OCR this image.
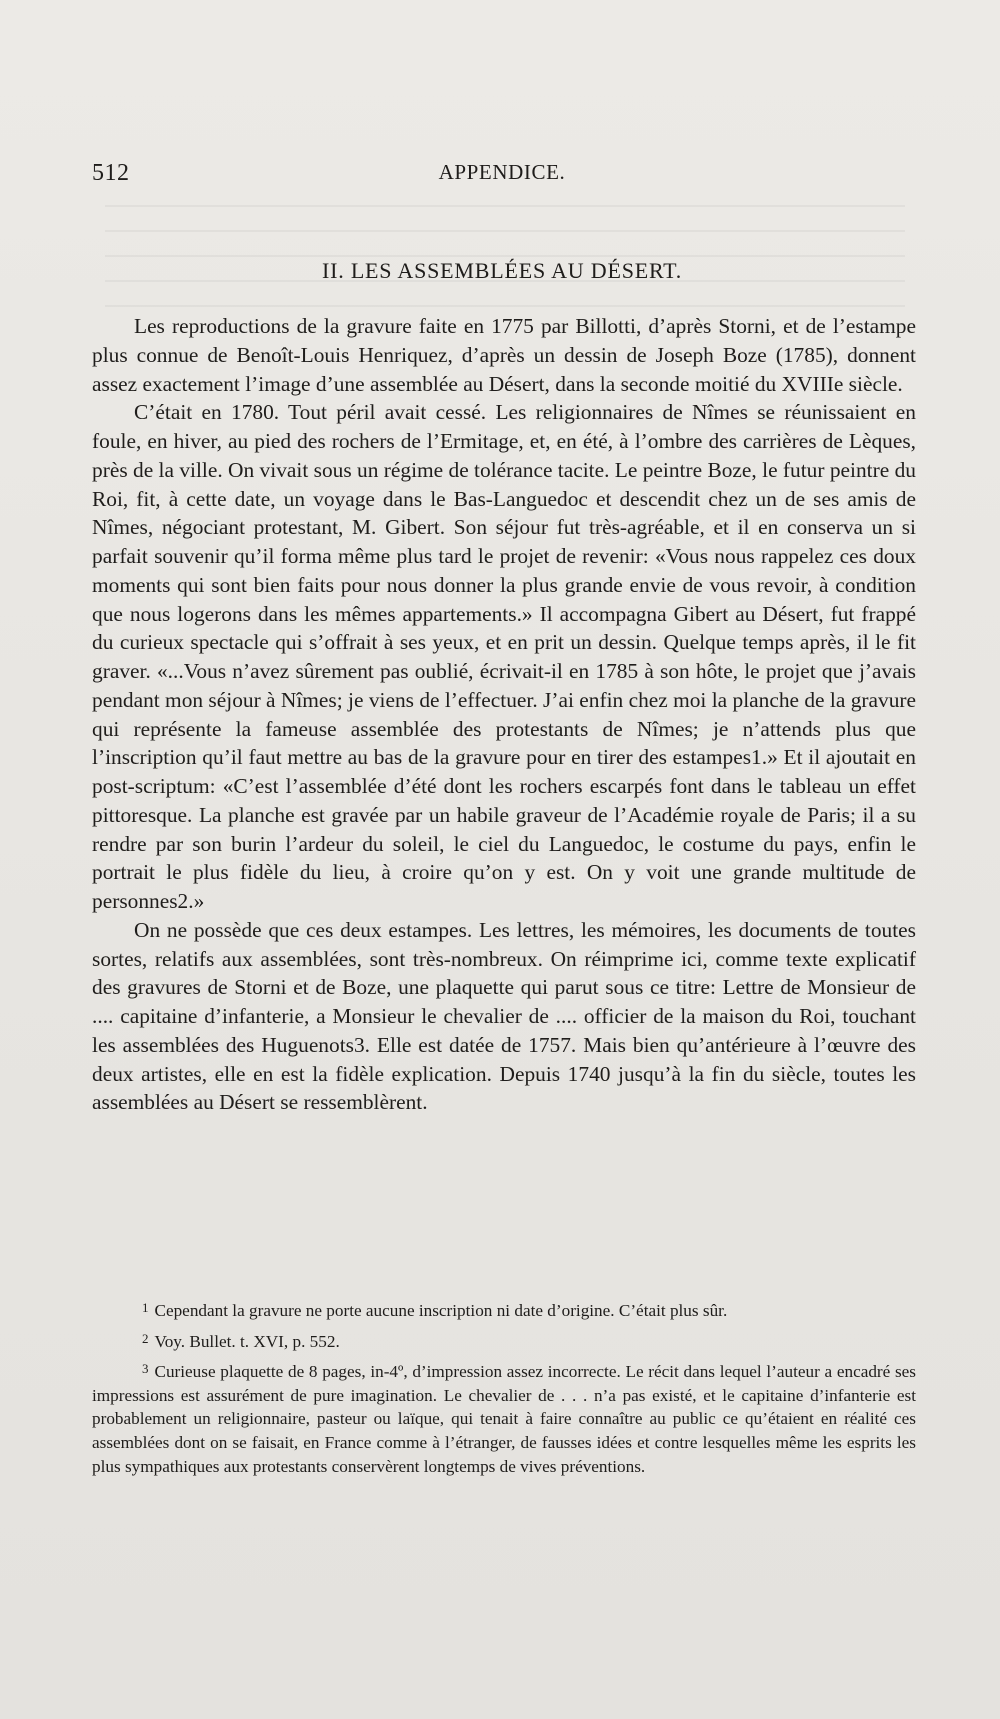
512	APPENDICE.
II. LES ASSEMBLÉES AU DÉSERT.

Les reproductions de la gravure faite en 1775 par Billotti, d’après Storni, et de l’estampe plus connue de Benoît-Louis Henriquez, d’après un dessin de Joseph Boze (1785), donnent assez exactement l’image d’une assemblée au Désert, dans la seconde moitié du XVIIIe siècle.

C’était en 1780. Tout péril avait cessé. Les religionnaires de Nîmes se réunissaient en foule, en hiver, au pied des rochers de l’Ermitage, et, en été, à l’ombre des carrières de Lèques, près de la ville. On vivait sous un régime de tolérance tacite. Le peintre Boze, le futur peintre du Roi, fit, à cette date, un voyage dans le Bas-Languedoc et descendit chez un de ses amis de Nîmes, négociant protestant, M. Gibert. Son séjour fut très-agréable, et il en conserva un si parfait souvenir qu’il forma même plus tard le projet de revenir: «Vous nous rappelez ces doux moments qui sont bien faits pour nous donner la plus grande envie de vous revoir, à condition que nous logerons dans les mêmes appartements.» Il accompagna Gibert au Désert, fut frappé du curieux spectacle qui s’offrait à ses yeux, et en prit un dessin. Quelque temps après, il le fit graver. «...Vous n’avez sûrement pas oublié, écrivait-il en 1785 à son hôte, le projet que j’avais pendant mon séjour à Nîmes; je viens de l’effectuer. J’ai enfin chez moi la planche de la gravure qui représente la fameuse assemblée des protestants de Nîmes; je n’attends plus que l’inscription qu’il faut mettre au bas de la gravure pour en tirer des estampes1.» Et il ajoutait en post-scriptum: «C’est l’assemblée d’été dont les rochers escarpés font dans le tableau un effet pittoresque. La planche est gravée par un habile graveur de l’Académie royale de Paris; il a su rendre par son burin l’ardeur du soleil, le ciel du Languedoc, le costume du pays, enfin le portrait le plus fidèle du lieu, à croire qu’on y est. On y voit une grande multitude de personnes2.»

On ne possède que ces deux estampes. Les lettres, les mémoires, les documents de toutes sortes, relatifs aux assemblées, sont très-nombreux. On réimprime ici, comme texte explicatif des gravures de Storni et de Boze, une plaquette qui parut sous ce titre: Lettre de Monsieur de .... capitaine d’infanterie, a Monsieur le chevalier de .... officier de la maison du Roi, touchant les assemblées des Huguenots3. Elle est datée de 1757. Mais bien qu’antérieure à l’œuvre des deux artistes, elle en est la fidèle explication. Depuis 1740 jusqu’à la fin du siècle, toutes les assemblées au Désert se ressemblèrent.

$^1$ Cependant la gravure ne porte aucune inscription ni date d’origine. C’était plus sûr.

$^2$ Voy. Bullet. t. XVI, p. 552.

$^3$ Curieuse plaquette de 8 pages, in-4º, d’impression assez incorrecte. Le récit dans lequel l’auteur a encadré ses impressions est assurément de pure imagination. Le chevalier de . . . n’a pas existé, et le capitaine d’infanterie est probablement un religionnaire, pasteur ou laïque, qui tenait à faire connaître au public ce qu’étaient en réalité ces assemblées dont on se faisait, en France comme à l’étranger, de fausses idées et contre lesquelles même les esprits les plus sympathiques aux protestants conservèrent longtemps de vives préventions.
